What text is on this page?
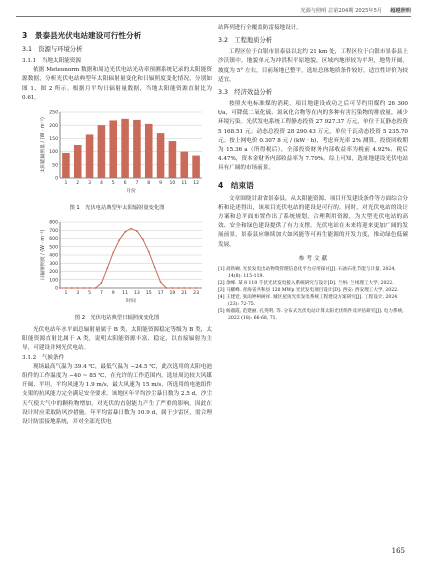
光源与照明 总第204期 2025年5月 超越照明
3　景泰县光伏电站建设可行性分析
3.1　资源与环境分析
3.1.1　当地太阳能资源

依据 Meteonorm 数据和周边光伏电站光功率预测系统记录的太阳能资源数据，分析光伏电站典型年太阳辐射量变化和日辐照度变化情况，分别如图 1、图 2 所示。根据月平均日辐射量数据，当地太阳能资源直射比为 0.61。

0
50
100
150
200
250
太阳能辐照量 / (W · m⁻²)
月份
1 2 3 4 5 6 7 8 9 10 11 12
图 1　光伏电站典型年太阳辐射量变化图
0
100
200
300
400
500
600
700
800
日辐射照度 / (W · m⁻²)
时间
1 3 5 7 9 11 13 15 17 19 21 23
图 2　光伏电站典型日辐照度变化图

光伏电站年水平面总辐射量属于 B 类，太阳能资源稳定等级为 B 类，太阳能资源直射比属于 A 类，说明太阳能资源丰富、稳定，以直接辐射为主导，可建设并网光伏电站。

3.1.2　气候条件

现场最高气温为 39.4 ℃，最低气温为 −24.5 ℃，此次选用的太阳电池组件的工作温度为 −40 ~ 85 ℃，在允许的工作范围内，选址周边较大风媒开阔、平坦，平均风速为 1.9 m/s，最大风速为 15 m/s，所选用的电池组件支架的抗风能力完全满足安全要求。该地区年平均沙尘暴日数为 2.5 d，沙尘天气使大气中的颗粒物增加，对光伏的直射能力产生了严重的影响，因此在设计时应采取防风沙措施。年平均雷暴日数为 10.9 d，属于少雷区，需合理设计防雷接地系统，并对全部光伏电

站阵列进行全覆盖防雷接地设计。

3.2　工程地质分析

工程区位于白银市景泰县以北约 21 km 处，工程区位于白银市景泰县上沙沃镇中，地貌单元为冲洪积平原地貌，区域内地形较为平坦，地势开阔，坡度为 5° 左右，目前场地已整平，选址总体地质条件较好，适宜性评价为较适宜。

3.3　经济效益分析

按照火电标准煤的消耗，项目地建设成功之后可节约用煤约 26 300 t/a，可降低二氧化硫、氮氧化合物等在内的多种有害污染物的排放量，减少环境污染。光伏发电系统工程静态投资 27 927.37 万元，单位千瓦静态投资 5 168.51 元；动态总投资 28 290.43 万元，单位千瓦动态投资 5 235.70 元。按上网电价 0.307 8 元 / (kW · h)，考虑弃光率 2% 测算，投资回收期为 15.36 a（所得税后），全部投资财务内部收益率为税前 4.92%、税后 4.47%，资本金财务内部收益率为 7.79%。综上可知，选址地建设光伏电站具有广阔的市场前景。

4　结束语

文章围绕甘肃省景泰县，从太阳能资源、项目开发建设条件等方面综合分析和论述得出，该项目光伏电站的建设是可行的。同时，对光伏电站的设计方案和总平面布置作出了系统规划，合理利用资源，为大型光伏电站的高效、安全和绿色建设提供了有力支撑。光伏电站在未来将迎来更加广阔的发展前景，景泰县应继续加大如风能等可再生能源的开发力度，推动绿色低碳发展。

参 考 文 献
[1] 高铁娴. 光伏发电出站物资管理信息化平台应用探讨[J]. 石油石化节能与计量, 2024, 14(8): 115-119.
[2] 余峰. 某 8 110 千伏光伏发电接入系统研究与设计[D]. 兰州: 兰州理工大学, 2022.
[3] 马耀峰. 青海省共和县 120 MWp 光伏发电项目设计[D]. 西安: 西安理工大学, 2022.
[4] 王建党, 张雨婷柯树祥. 城区屋顶光伏发电系统工程建设方案研究[J]. 工程设计, 2024 (23): 72-75.
[5] 杨淑霞, 范建丽, 孔英明, 等. 分布式光伏电站计算太阳光伏组件及评估研究[J]. 电力系统, 2022 (18): 66-68, 71.
165
